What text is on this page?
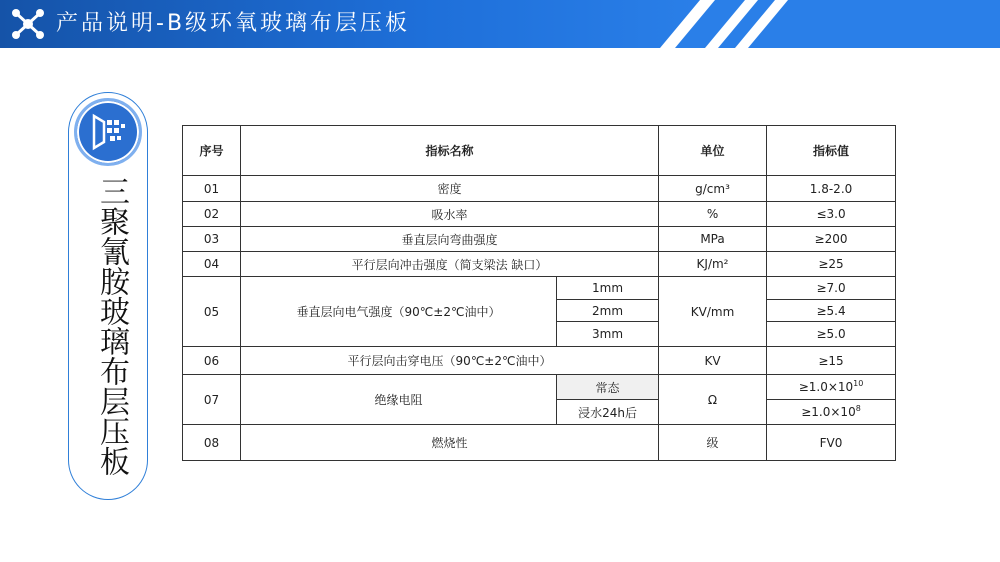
产品说明-B级环氧玻璃布层压板
三聚氰胺玻璃布层压板
序号	指标名称		单位	指标值
01	密度		g/cm³	1.8-2.0
02	吸水率		%	≤3.0
03	垂直层向弯曲强度		MPa	≥200
04	平行层向冲击强度（简支梁法 缺口）		KJ/m²	≥25
05	垂直层向电气强度（90℃±2℃油中）	1mm	KV/mm	≥7.0
		2mm		≥5.4
		3mm		≥5.0
06	平行层向击穿电压（90℃±2℃油中）		KV	≥15
07	绝缘电阻	常态	Ω	$\ge 1.0\times 10^{10}$
		浸水24h后		$\ge 1.0\times 10^8$
08	燃烧性		级	FV0
